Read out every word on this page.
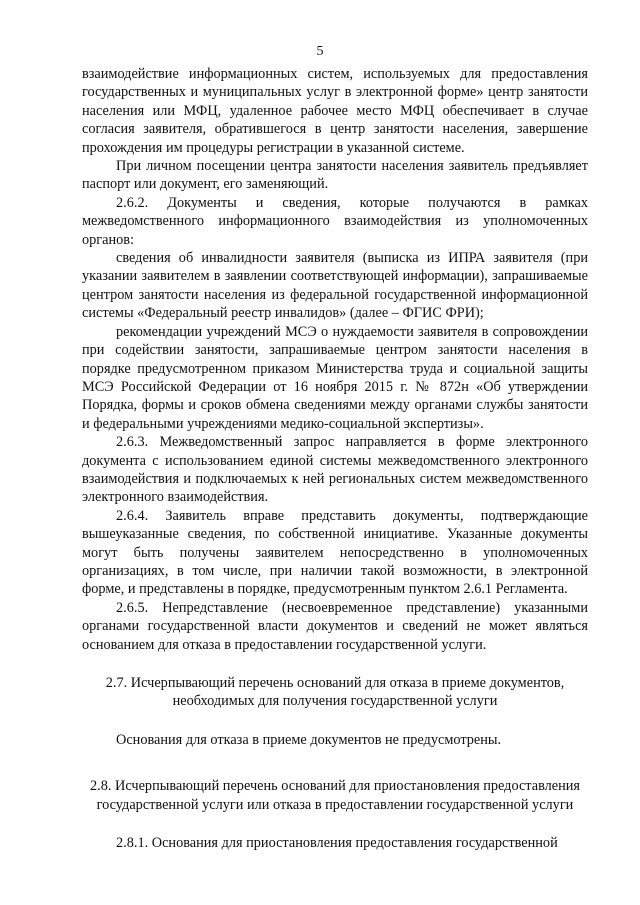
5

взаимодействие информационных систем, используемых для предоставления государственных и муниципальных услуг в электронной форме» центр занятости населения или МФЦ, удаленное рабочее место МФЦ обеспечивает в случае согласия заявителя, обратившегося в центр занятости населения, завершение прохождения им процедуры регистрации в указанной системе.

При личном посещении центра занятости населения заявитель предъявляет паспорт или документ, его заменяющий.

2.6.2. Документы и сведения, которые получаются в рамках межведомственного информационного взаимодействия из уполномоченных органов:

сведения об инвалидности заявителя (выписка из ИПРА заявителя (при указании заявителем в заявлении соответствующей информации), запрашиваемые центром занятости населения из федеральной государственной информационной системы «Федеральный реестр инвалидов» (далее – ФГИС ФРИ);

рекомендации учреждений МСЭ о нуждаемости заявителя в сопровождении при содействии занятости, запрашиваемые центром занятости населения в порядке предусмотренном приказом Министерства труда и социальной защиты МСЭ Российской Федерации от 16 ноября 2015 г. № 872н «Об утверждении Порядка, формы и сроков обмена сведениями между органами службы занятости и федеральными учреждениями медико-социальной экспертизы».

2.6.3. Межведомственный запрос направляется в форме электронного документа с использованием единой системы межведомственного электронного взаимодействия и подключаемых к ней региональных систем межведомственного электронного взаимодействия.

2.6.4. Заявитель вправе представить документы, подтверждающие вышеуказанные сведения, по собственной инициативе. Указанные документы могут быть получены заявителем непосредственно в уполномоченных организациях, в том числе, при наличии такой возможности, в электронной форме, и представлены в порядке, предусмотренным пунктом 2.6.1 Регламента.

2.6.5. Непредставление (несвоевременное представление) указанными органами государственной власти документов и сведений не может являться основанием для отказа в предоставлении государственной услуги.

2.7. Исчерпывающий перечень оснований для отказа в приеме документов, необходимых для получения государственной услуги

Основания для отказа в приеме документов не предусмотрены.

2.8. Исчерпывающий перечень оснований для приостановления предоставления государственной услуги или отказа в предоставлении государственной услуги

2.8.1. Основания для приостановления предоставления государственной
